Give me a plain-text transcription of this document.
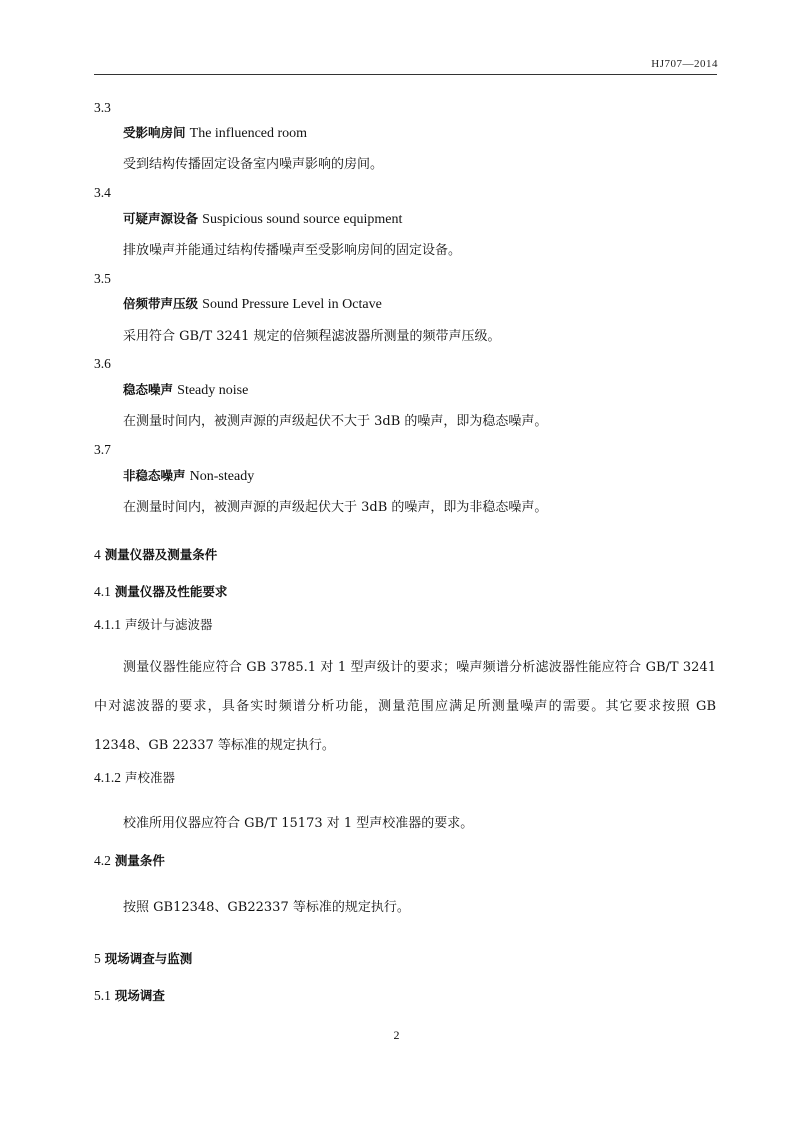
HJ707—2014
3.3
受影响房间 The influenced room
受到结构传播固定设备室内噪声影响的房间。
3.4
可疑声源设备 Suspicious sound source equipment
排放噪声并能通过结构传播噪声至受影响房间的固定设备。
3.5
倍频带声压级 Sound Pressure Level in Octave
采用符合 GB/T 3241 规定的倍频程滤波器所测量的频带声压级。
3.6
稳态噪声 Steady noise
在测量时间内，被测声源的声级起伏不大于 3dB 的噪声，即为稳态噪声。
3.7
非稳态噪声 Non-steady
在测量时间内，被测声源的声级起伏大于 3dB 的噪声，即为非稳态噪声。
4 测量仪器及测量条件
4.1 测量仪器及性能要求
4.1.1 声级计与滤波器
测量仪器性能应符合 GB 3785.1 对 1 型声级计的要求；噪声频谱分析滤波器性能应符合 GB/T 3241 中对滤波器的要求，具备实时频谱分析功能，测量范围应满足所测量噪声的需要。其它要求按照 GB 12348、GB 22337 等标准的规定执行。
4.1.2 声校准器
校准所用仪器应符合 GB/T 15173 对 1 型声校准器的要求。
4.2 测量条件
按照 GB12348、GB22337 等标准的规定执行。
5 现场调查与监测
5.1 现场调查
2
